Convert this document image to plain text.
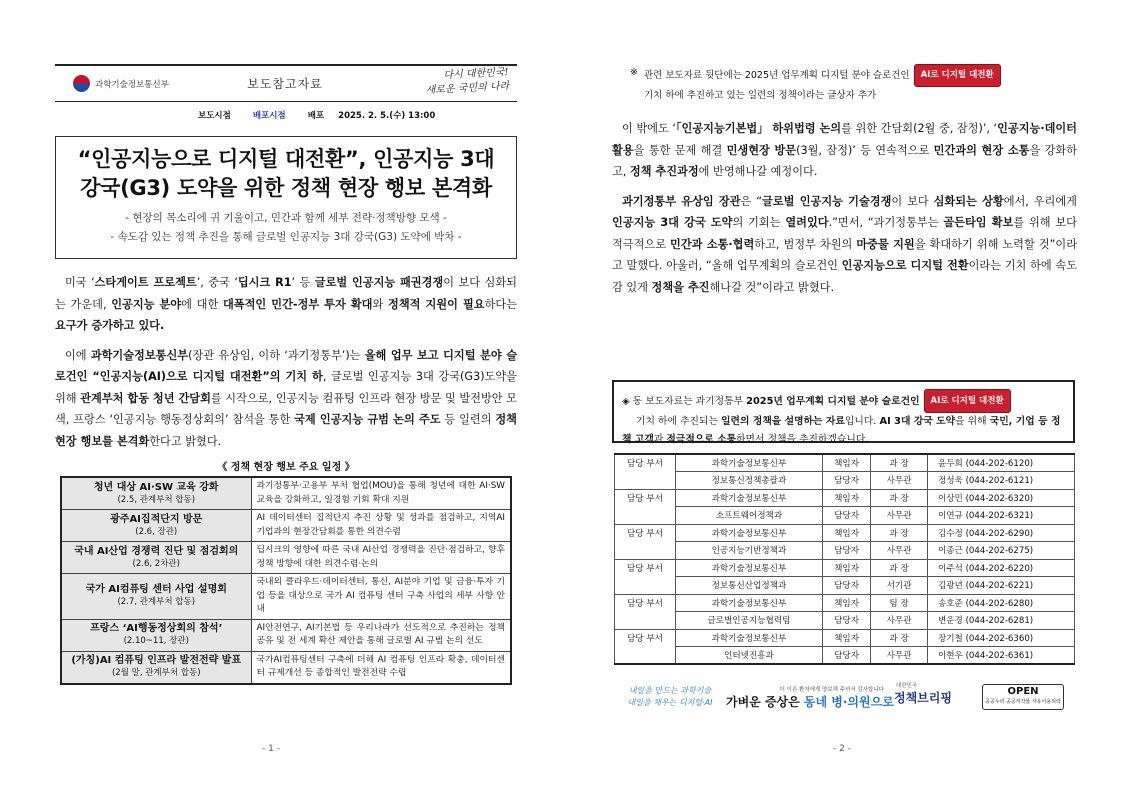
과학기술정보통신부	보도참고자료
다시 대한민국!
새로운 국민의 나라
보도시점	배포시점	배포 2025. 2. 5.(수) 13:00
“인공지능으로 디지털 대전환”, 인공지능 3대
강국(G3) 도약을 위한 정책 현장 행보 본격화
- 현장의 목소리에 귀 기울이고, 민간과 함께 세부 전략·정책방향 모색 -
- 속도감 있는 정책 추진을 통해 글로벌 인공지능 3대 강국(G3) 도약에 박차 -

미국 ‘스타게이트 프로젝트’, 중국 ‘딥시크 R1’ 등 글로벌 인공지능 패권경쟁이 보다 심화되는 가운데, 인공지능 분야에 대한 대폭적인 민간-정부 투자 확대와 정책적 지원이 필요하다는 요구가 증가하고 있다.

이에 과학기술정보통신부(장관 유상임, 이하 ‘과기정통부’)는 올해 업무 보고 디지털 분야 슬로건인 “인공지능(AI)으로 디지털 대전환”의 기치 하, 글로벌 인공지능 3대 강국(G3)도약을 위해 관계부처 합동 청년 간담회를 시작으로, 인공지능 컴퓨팅 인프라 현장 방문 및 발전방안 모색, 프랑스 ‘인공지능 행동정상회의’ 참석을 통한 국제 인공지능 규범 논의 주도 등 일련의 정책 현장 행보를 본격화한다고 밝혔다.

《 정책 현장 행보 주요 일정 》
청년 대상 AI·SW 교육 강화
(2.5, 관계부처 합동)	과기정통부·고용부 부처 협업(MOU)을 통해 청년에 대한 AI·SW교육을 강화하고, 일경험 기회 확대 지원

광주AI집적단지 방문
(2.6, 장관)	AI 데이터센터 집적단지 추진 상황 및 성과를 점검하고, 지역AI 기업과의 현장간담회를 통한 의견수렴

국내 AI산업 경쟁력 진단 및 점검회의
(2.6, 2차관)	딥시크의 영향에 따른 국내 AI산업 경쟁력을 진단·점검하고, 향후 정책 방향에 대한 의견수렴·논의

국가 AI컴퓨팅 센터 사업 설명회
(2.7, 관계부처 합동)	국내외 클라우드·데이터센터, 통신, AI분야 기업 및 금융·투자 기업 등을 대상으로 국가 AI 컴퓨팅 센터 구축 사업의 세부 사항 안내

프랑스 ‘AI행동정상회의 참석’
(2.10~11, 장관)	AI안전연구, AI기본법 등 우리나라가 선도적으로 추진하는 정책 공유 및 전 세계 확산 제안을 통해 글로벌 AI 규범 논의 선도

(가칭)AI 컴퓨팅 인프라 발전전략 발표
(2월 말, 관계부처 합동)	국가AI컴퓨팅센터 구축에 더해 AI 컴퓨팅 인프라 확충, 데이터센터 규제개선 등 종합적인 발전전략 수립
- 1 -
※ 관련 보도자료 뒷단에는 2025년 업무계획 디지털 분야 슬로건인 AI로 디지털 대전환
기치 하에 추진하고 있는 일련의 정책이라는 글상자 추가

이 밖에도 ‘「인공지능기본법」 하위법령 논의를 위한 간담회(2월 중, 잠정)’, ‘인공지능·데이터 활용을 통한 문제 해결 민생현장 방문(3월, 잠정)’ 등 연속적으로 민간과의 현장 소통을 강화하고, 정책 추진과정에 반영해나갈 예정이다.

과기정통부 유상임 장관은 “글로벌 인공지능 기술경쟁이 보다 심화되는 상황에서, 우리에게 인공지능 3대 강국 도약의 기회는 열려있다.”면서, “과기정통부는 골든타임 확보를 위해 보다 적극적으로 민간과 소통·협력하고, 범정부 차원의 마중물 지원을 확대하기 위해 노력할 것”이라고 말했다. 아울러, “올해 업무계획의 슬로건인 인공지능으로 디지털 전환이라는 기치 하에 속도감 있게 정책을 추진해나갈 것”이라고 밝혔다.

◈ 동 보도자료는 과기정통부 2025년 업무계획 디지털 분야 슬로건인 AI로 디지털 대전환
기치 하에 추진되는 일련의 정책을 설명하는 자료입니다. AI 3대 강국 도약을 위해 국민, 기업 등 정책 고객과 적극적으로 소통하면서 정책을 추진하겠습니다.
담당 부서	과학기술정보통신부	책임자	과 장	윤두희 (044-202-6120)
	정보통신정책총괄과	담당자	사무관	정성욱 (044-202-6121)
담당 부서	과학기술정보통신부	책임자	과 장	이상민 (044-202-6320)
	소프트웨어정책과	담당자	사무관	이연규 (044-202-6321)
담당 부서	과학기술정보통신부	책임자	과 장	김수정 (044-202-6290)
	인공지능기반정책과	담당자	사무관	이종근 (044-202-6275)
담당 부서	과학기술정보통신부	책임자	과 장	이주석 (044-202-6220)
	정보통신산업정책과	담당자	서기관	김광년 (044-202-6221)
담당 부서	과학기술정보통신부	책임자	팀 장	송호준 (044-202-6280)
	글로벌인공지능협력팀	담당자	사무관	변운경 (044-202-6281)
담당 부서	과학기술정보통신부	책임자	과 장	장기철 (044-202-6360)
	인터넷진흥과	담당자	사무관	이현우 (044-202-6361)
내일을 만드는 과학기술
내일을 채우는 디지털·AI
더 이른 환자에게 양보해 주셔서 감사합니다
가벼운 증상은 동네 병·의원으로
대한민국
정책브리핑	OPEN
공공누리 공공저작물 자유이용허락
- 2 -
